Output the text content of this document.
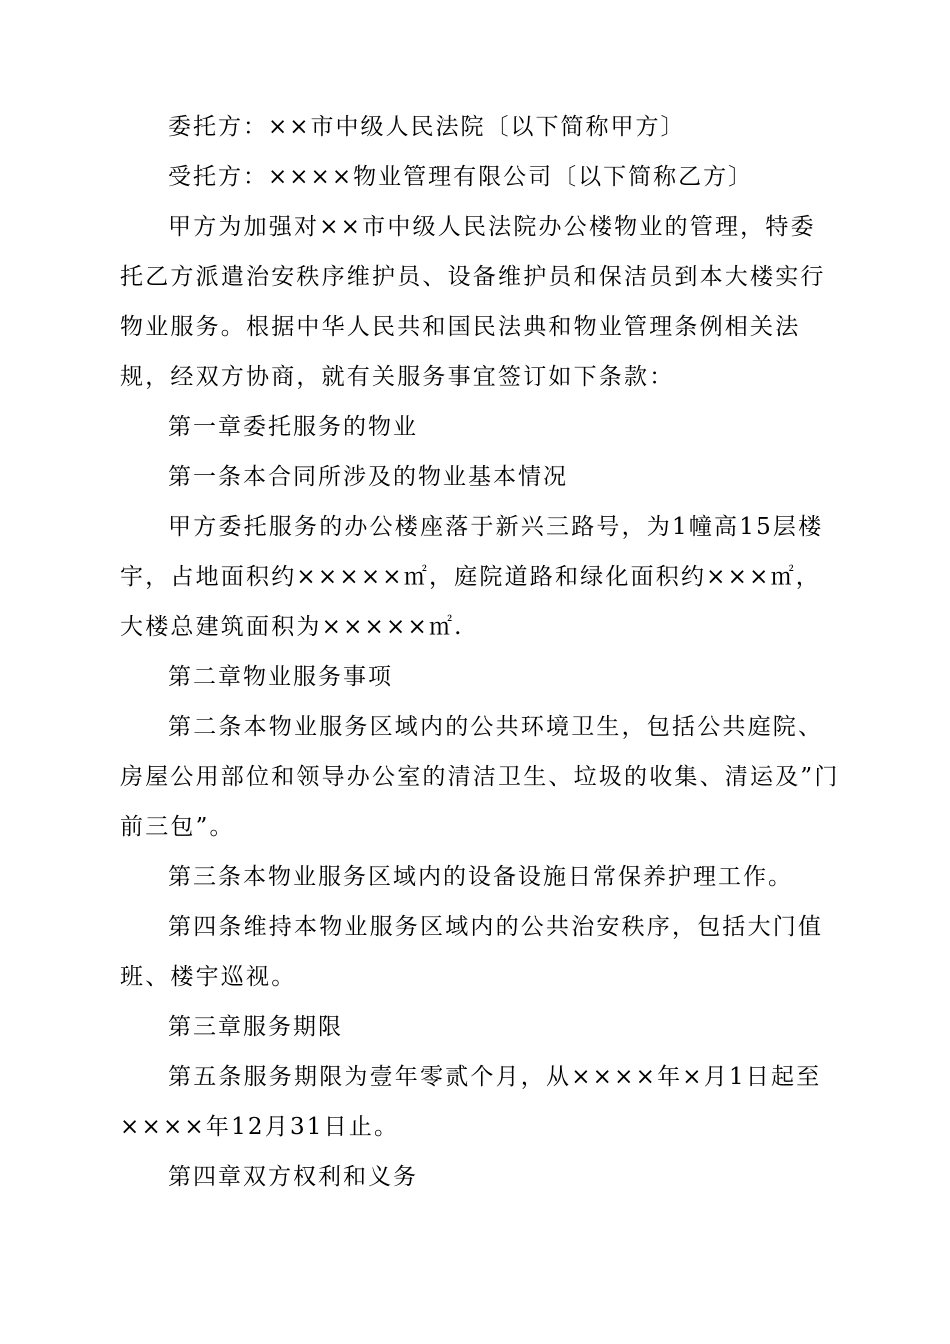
委托方：××市中级人民法院〔以下简称甲方〕

受托方：××××物业管理有限公司〔以下简称乙方〕

甲方为加强对××市中级人民法院办公楼物业的管理，特委托乙方派遣治安秩序维护员、设备维护员和保洁员到本大楼实行物业服务。根据中华人民共和国民法典和物业管理条例相关法规，经双方协商，就有关服务事宜签订如下条款：

第一章委托服务的物业

第一条本合同所涉及的物业基本情况

甲方委托服务的办公楼座落于新兴三路号，为1幢高15层楼宇，占地面积约×××××㎡，庭院道路和绿化面积约×××㎡，大楼总建筑面积为×××××㎡.

第二章物业服务事项

第二条本物业服务区域内的公共环境卫生，包括公共庭院、房屋公用部位和领导办公室的清洁卫生、垃圾的收集、清运及”门前三包”。

第三条本物业服务区域内的设备设施日常保养护理工作。

第四条维持本物业服务区域内的公共治安秩序，包括大门值班、楼宇巡视。

第三章服务期限

第五条服务期限为壹年零贰个月，从××××年×月1日起至××××年12月31日止。

第四章双方权利和义务
